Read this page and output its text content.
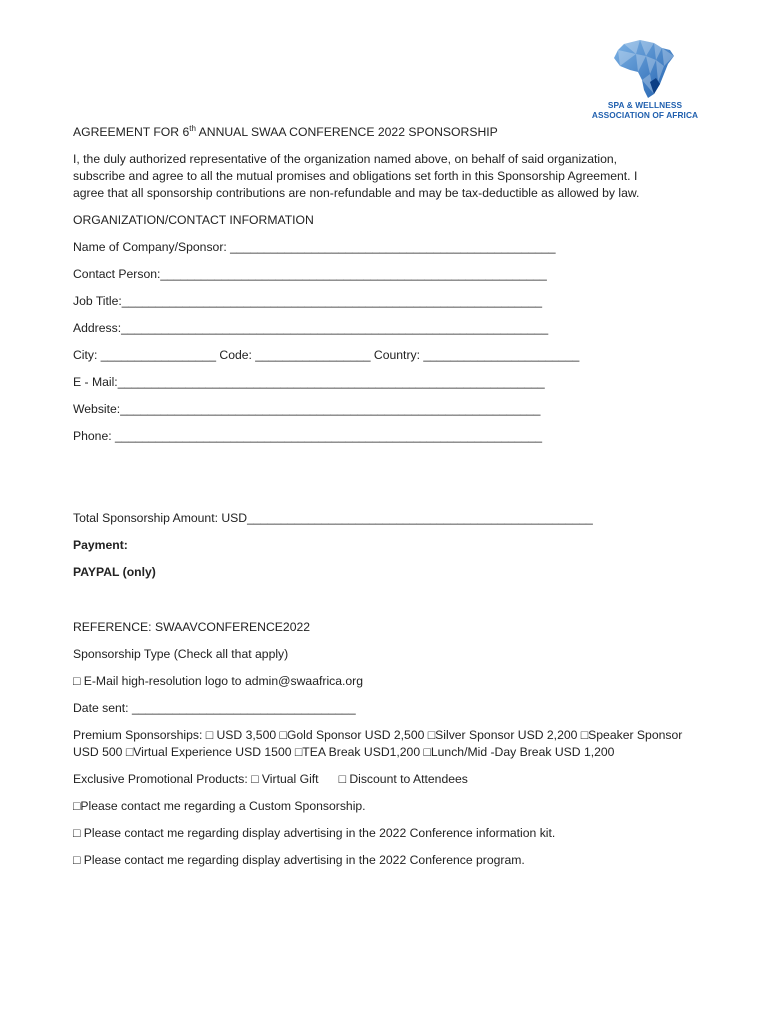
SPA & WELLNESS
ASSOCIATION OF AFRICA

AGREEMENT FOR 6th ANNUAL SWAA CONFERENCE 2022 SPONSORSHIP

I, the duly authorized representative of the organization named above, on behalf of said organization,

subscribe and agree to all the mutual promises and obligations set forth in this Sponsorship Agreement. I

agree that all sponsorship contributions are non-refundable and may be tax-deductible as allowed by law.

ORGANIZATION/CONTACT INFORMATION

Name of Company/Sponsor: ________________________________________________

Contact Person:_________________________________________________________

Job Title:______________________________________________________________

Address:_______________________________________________________________

City: _________________ Code: _________________ Country: _______________________

E - Mail:_______________________________________________________________

Website:______________________________________________________________

Phone: _______________________________________________________________

Total Sponsorship Amount: USD___________________________________________________

Payment:

PAYPAL (only)

REFERENCE: SWAAVCONFERENCE2022

Sponsorship Type (Check all that apply)

□ E-Mail high-resolution logo to admin@swaafrica.org

Date sent: _________________________________

Premium Sponsorships: □ USD 3,500 □Gold Sponsor USD 2,500 □Silver Sponsor USD 2,200 □Speaker Sponsor USD 500 □Virtual Experience USD 1500 □TEA Break USD1,200 □Lunch/Mid -Day Break USD 1,200

Exclusive Promotional Products: □ Virtual Gift □ Discount to Attendees

□Please contact me regarding a Custom Sponsorship.

□ Please contact me regarding display advertising in the 2022 Conference information kit.

□ Please contact me regarding display advertising in the 2022 Conference program.
